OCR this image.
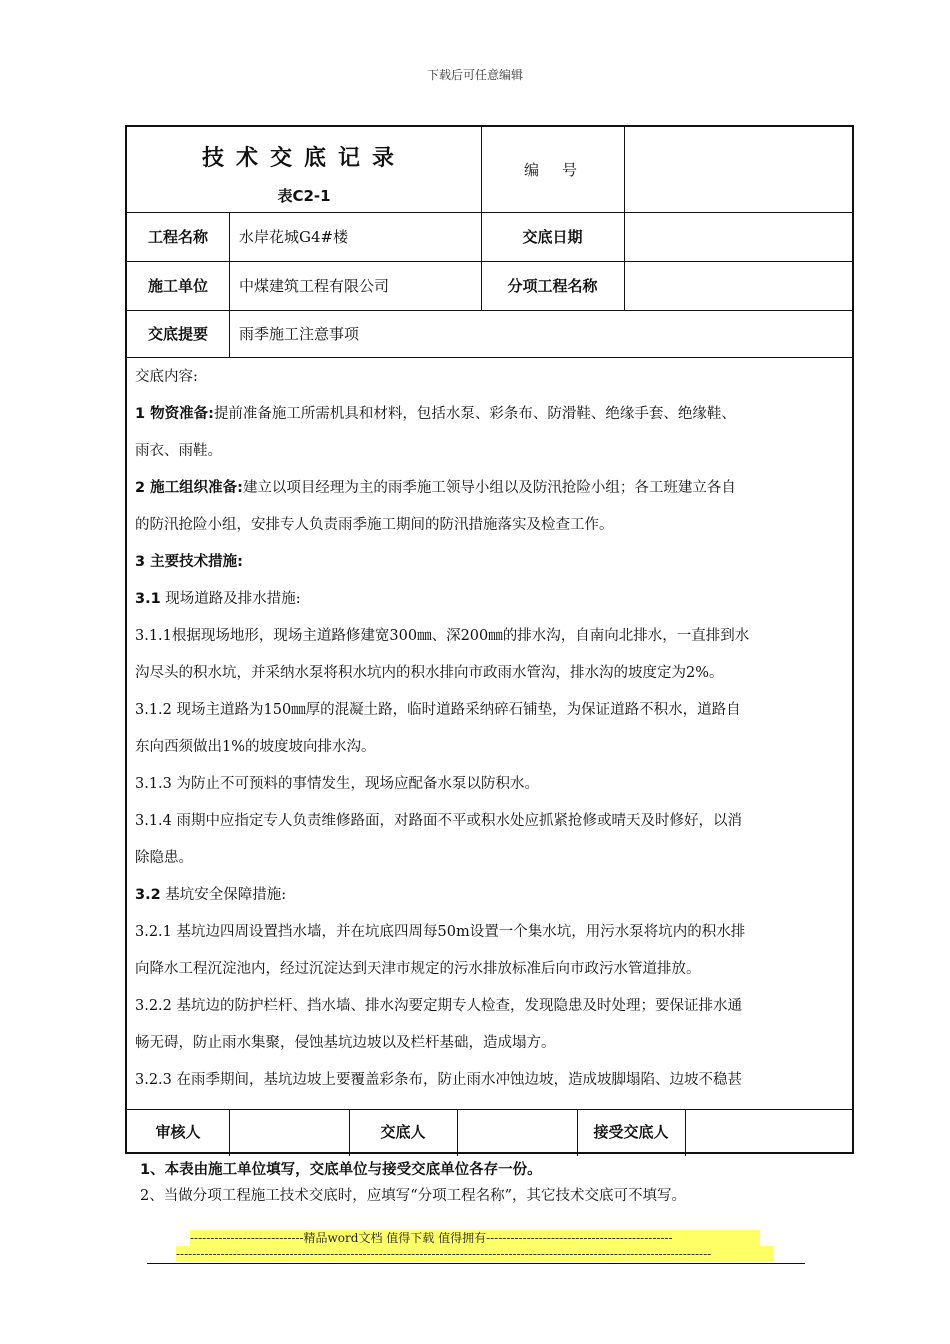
下载后可任意编辑
技术交底记录
表C2-1
编　号
工程名称	水岸花城G4#楼	交底日期
施工单位	中煤建筑工程有限公司	分项工程名称
交底提要	雨季施工注意事项

交底内容:

1 物资准备:提前准备施工所需机具和材料，包括水泵、彩条布、防滑鞋、绝缘手套、绝缘鞋、

雨衣、雨鞋。

2 施工组织准备:建立以项目经理为主的雨季施工领导小组以及防汛抢险小组；各工班建立各自

的防汛抢险小组，安排专人负责雨季施工期间的防汛措施落实及检查工作。

3 主要技术措施:

3.1 现场道路及排水措施:

3.1.1根据现场地形，现场主道路修建宽300㎜、深200㎜的排水沟，自南向北排水，一直排到水

沟尽头的积水坑，并采纳水泵将积水坑内的积水排向市政雨水管沟，排水沟的坡度定为2%。

3.1.2 现场主道路为150㎜厚的混凝土路，临时道路采纳碎石铺垫，为保证道路不积水，道路自

东向西须做出1%的坡度坡向排水沟。

3.1.3 为防止不可预料的事情发生，现场应配备水泵以防积水。

3.1.4 雨期中应指定专人负责维修路面，对路面不平或积水处应抓紧抢修或晴天及时修好，以消

除隐患。

3.2 基坑安全保障措施:

3.2.1 基坑边四周设置挡水墙，并在坑底四周每50m设置一个集水坑，用污水泵将坑内的积水排

向降水工程沉淀池内，经过沉淀达到天津市规定的污水排放标准后向市政污水管道排放。

3.2.2 基坑边的防护栏杆、挡水墙、排水沟要定期专人检查，发现隐患及时处理；要保证排水通

畅无碍，防止雨水集聚，侵蚀基坑边坡以及栏杆基础，造成塌方。

3.2.3 在雨季期间，基坑边坡上要覆盖彩条布，防止雨水冲蚀边坡，造成坡脚塌陷、边坡不稳甚

审核人	交底人	接受交底人
1、本表由施工单位填写，交底单位与接受交底单位各存一份。
2、当做分项工程施工技术交底时，应填写“分项工程名称”，其它技术交底可不填写。
----------------------------精品word文档 值得下载 值得拥有----------------------------------------------
------------------------------------------------------------------------------------------------------------------------------------
